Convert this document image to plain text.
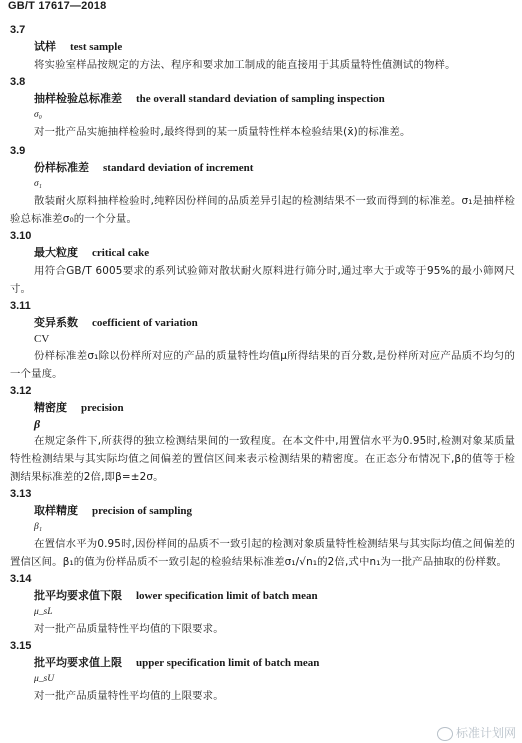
GB/T 17617—2018
3.7
试样 test sample

将实验室样品按规定的方法、程序和要求加工制成的能直接用于其质量特性值测试的物样。

3.8
抽样检验总标准差 the overall standard deviation of sampling inspection
σ₀

对一批产品实施抽样检验时,最终得到的某一质量特性样本检验结果(x̄)的标准差。

3.9
份样标准差 standard deviation of increment
σ₁

散装耐火原料抽样检验时,纯粹因份样间的品质差异引起的检测结果不一致而得到的标准差。σ₁是抽样检验总标准差σ₀的一个分量。

3.10
最大粒度 critical cake

用符合GB/T 6005要求的系列试验筛对散状耐火原料进行筛分时,通过率大于或等于95%的最小筛网尺寸。

3.11
变异系数 coefficient of variation
CV

份样标准差σ₁除以份样所对应的产品的质量特性均值μ所得结果的百分数,是份样所对应产品质不均匀的一个量度。

3.12
精密度 precision
β

在规定条件下,所获得的独立检测结果间的一致程度。在本文件中,用置信水平为0.95时,检测对象某质量特性检测结果与其实际均值之间偏差的置信区间来表示检测结果的精密度。在正态分布情况下,β的值等于检测结果标准差的2倍,即β=±2σ。

3.13
取样精度 precision of sampling
β₁

在置信水平为0.95时,因份样间的品质不一致引起的检测对象质量特性检测结果与其实际均值之间偏差的置信区间。β₁的值为份样品质不一致引起的检验结果标准差σ₁/√n₁的2倍,式中n₁为一批产品抽取的份样数。

3.14
批平均要求值下限 lower specification limit of batch mean
μ_sL

对一批产品质量特性平均值的下限要求。

3.15
批平均要求值上限 upper specification limit of batch mean
μ_sU

对一批产品质量特性平均值的上限要求。

标准计划网
